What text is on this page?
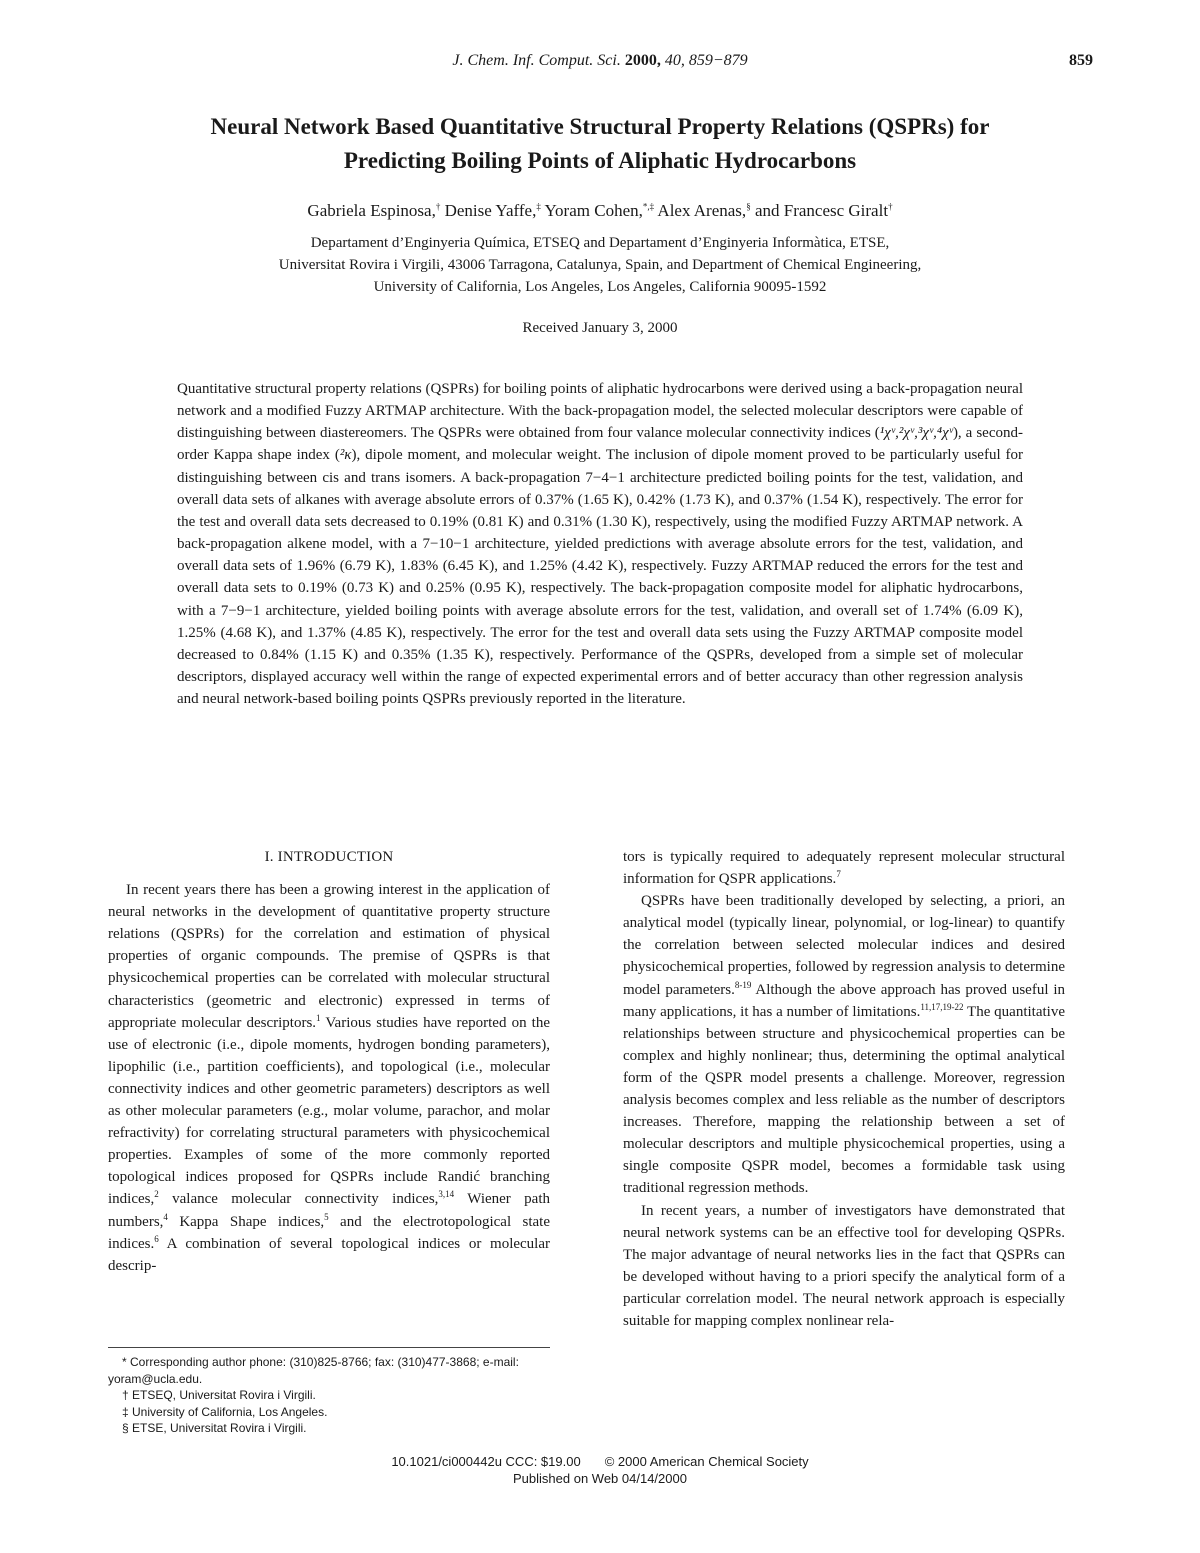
J. Chem. Inf. Comput. Sci. 2000, 40, 859−879	859
Neural Network Based Quantitative Structural Property Relations (QSPRs) for
Predicting Boiling Points of Aliphatic Hydrocarbons
Gabriela Espinosa,† Denise Yaffe,‡ Yoram Cohen,*,‡ Alex Arenas,§ and Francesc Giralt†
Departament d’Enginyeria Química, ETSEQ and Departament d’Enginyeria Informàtica, ETSE,
Universitat Rovira i Virgili, 43006 Tarragona, Catalunya, Spain, and Department of Chemical Engineering,
University of California, Los Angeles, Los Angeles, California 90095-1592
Received January 3, 2000

Quantitative structural property relations (QSPRs) for boiling points of aliphatic hydrocarbons were derived using a back-propagation neural network and a modified Fuzzy ARTMAP architecture. With the back-propagation model, the selected molecular descriptors were capable of distinguishing between diastereomers. The QSPRs were obtained from four valance molecular connectivity indices (¹χᵛ,²χᵛ,³χᵛ,⁴χᵛ), a second-order Kappa shape index (²κ), dipole moment, and molecular weight. The inclusion of dipole moment proved to be particularly useful for distinguishing between cis and trans isomers. A back-propagation 7−4−1 architecture predicted boiling points for the test, validation, and overall data sets of alkanes with average absolute errors of 0.37% (1.65 K), 0.42% (1.73 K), and 0.37% (1.54 K), respectively. The error for the test and overall data sets decreased to 0.19% (0.81 K) and 0.31% (1.30 K), respectively, using the modified Fuzzy ARTMAP network. A back-propagation alkene model, with a 7−10−1 architecture, yielded predictions with average absolute errors for the test, validation, and overall data sets of 1.96% (6.79 K), 1.83% (6.45 K), and 1.25% (4.42 K), respectively. Fuzzy ARTMAP reduced the errors for the test and overall data sets to 0.19% (0.73 K) and 0.25% (0.95 K), respectively. The back-propagation composite model for aliphatic hydrocarbons, with a 7−9−1 architecture, yielded boiling points with average absolute errors for the test, validation, and overall set of 1.74% (6.09 K), 1.25% (4.68 K), and 1.37% (4.85 K), respectively. The error for the test and overall data sets using the Fuzzy ARTMAP composite model decreased to 0.84% (1.15 K) and 0.35% (1.35 K), respectively. Performance of the QSPRs, developed from a simple set of molecular descriptors, displayed accuracy well within the range of expected experimental errors and of better accuracy than other regression analysis and neural network-based boiling points QSPRs previously reported in the literature.

I. INTRODUCTION

In recent years there has been a growing interest in the application of neural networks in the development of quantitative property structure relations (QSPRs) for the correlation and estimation of physical properties of organic compounds. The premise of QSPRs is that physicochemical properties can be correlated with molecular structural characteristics (geometric and electronic) expressed in terms of appropriate molecular descriptors.$^1$ Various studies have reported on the use of electronic (i.e., dipole moments, hydrogen bonding parameters), lipophilic (i.e., partition coefficients), and topological (i.e., molecular connectivity indices and other geometric parameters) descriptors as well as other molecular parameters (e.g., molar volume, parachor, and molar refractivity) for correlating structural parameters with physicochemical properties. Examples of some of the more commonly reported topological indices proposed for QSPRs include Randić branching indices,$^2$ valance molecular connectivity indices,$^{3,14}$ Wiener path numbers,$^4$ Kappa Shape indices,$^5$ and the electrotopological state indices.$^6$ A combination of several topological indices or molecular descrip-

tors is typically required to adequately represent molecular structural information for QSPR applications.$^7$

QSPRs have been traditionally developed by selecting, a priori, an analytical model (typically linear, polynomial, or log-linear) to quantify the correlation between selected molecular indices and desired physicochemical properties, followed by regression analysis to determine model parameters.$^{8-19}$ Although the above approach has proved useful in many applications, it has a number of limitations.$^{11,17,19-22}$ The quantitative relationships between structure and physicochemical properties can be complex and highly nonlinear; thus, determining the optimal analytical form of the QSPR model presents a challenge. Moreover, regression analysis becomes complex and less reliable as the number of descriptors increases. Therefore, mapping the relationship between a set of molecular descriptors and multiple physicochemical properties, using a single composite QSPR model, becomes a formidable task using traditional regression methods.

In recent years, a number of investigators have demonstrated that neural network systems can be an effective tool for developing QSPRs. The major advantage of neural networks lies in the fact that QSPRs can be developed without having to a priori specify the analytical form of a particular correlation model. The neural network approach is especially suitable for mapping complex nonlinear rela-

* Corresponding author phone: (310)825-8766; fax: (310)477-3868; e-mail: yoram@ucla.edu.
† ETSEQ, Universitat Rovira i Virgili.
‡ University of California, Los Angeles.
§ ETSE, Universitat Rovira i Virgili.
10.1021/ci000442u CCC: $19.00 © 2000 American Chemical Society
Published on Web 04/14/2000
